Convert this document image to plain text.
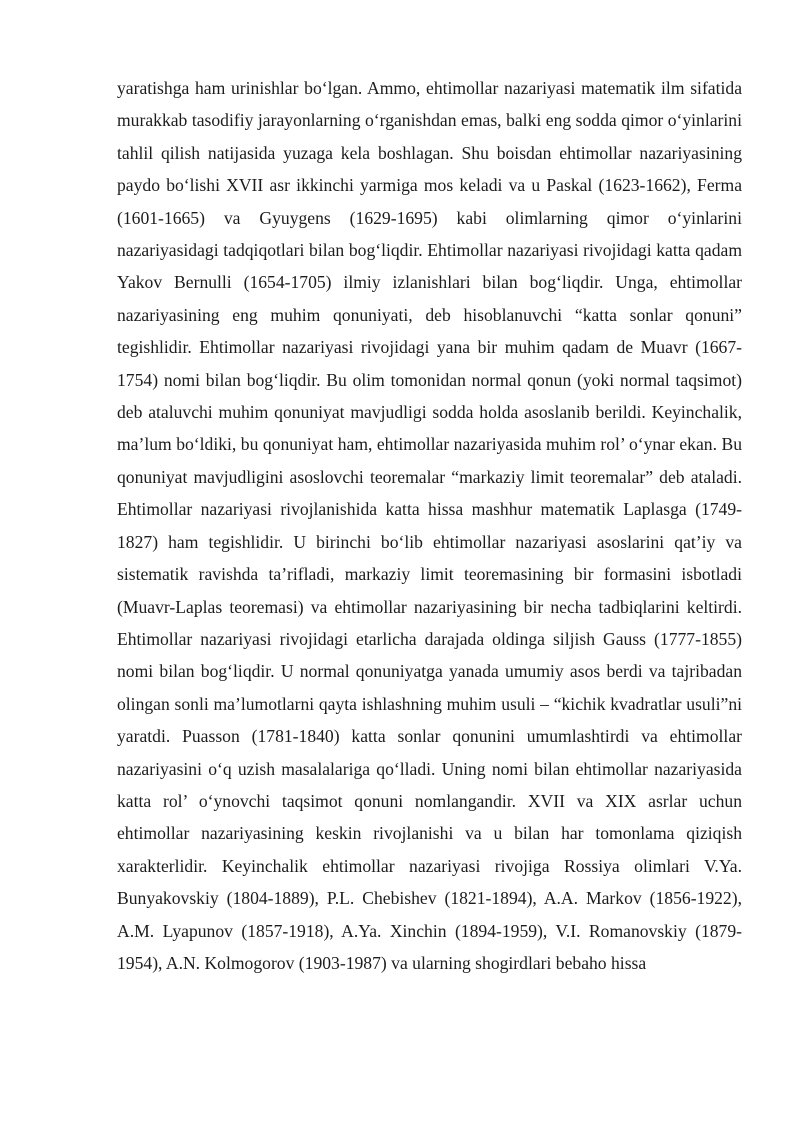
yaratishga ham urinishlar bo‘lgan. Ammo, ehtimollar nazariyasi matematik ilm sifatida murakkab tasodifiy jarayonlarning o‘rganishdan emas, balki eng sodda qimor o‘yinlarini tahlil qilish natijasida yuzaga kela boshlagan. Shu boisdan ehtimollar nazariyasining paydo bo‘lishi XVII asr ikkinchi yarmiga mos keladi va u Paskal (1623-1662), Ferma (1601-1665) va Gyuygens (1629-1695) kabi olimlarning qimor o‘yinlarini nazariyasidagi tadqiqotlari bilan bog‘liqdir. Ehtimollar nazariyasi rivojidagi katta qadam Yakov Bernulli (1654-1705) ilmiy izlanishlari bilan bog‘liqdir. Unga, ehtimollar nazariyasining eng muhim qonuniyati, deb hisoblanuvchi “katta sonlar qonuni” tegishlidir. Ehtimollar nazariyasi rivojidagi yana bir muhim qadam de Muavr (1667-1754) nomi bilan bog‘liqdir. Bu olim tomonidan normal qonun (yoki normal taqsimot) deb ataluvchi muhim qonuniyat mavjudligi sodda holda asoslanib berildi. Keyinchalik, ma’lum bo‘ldiki, bu qonuniyat ham, ehtimollar nazariyasida muhim rol’ o‘ynar ekan. Bu qonuniyat mavjudligini asoslovchi teoremalar “markaziy limit teoremalar” deb ataladi. Ehtimollar nazariyasi rivojlanishida katta hissa mashhur matematik Laplasga (1749-1827) ham tegishlidir. U birinchi bo‘lib ehtimollar nazariyasi asoslarini qat’iy va sistematik ravishda ta’rifladi, markaziy limit teoremasining bir formasini isbotladi (Muavr-Laplas teoremasi) va ehtimollar nazariyasining bir necha tadbiqlarini keltirdi. Ehtimollar nazariyasi rivojidagi etarlicha darajada oldinga siljish Gauss (1777-1855) nomi bilan bog‘liqdir. U normal qonuniyatga yanada umumiy asos berdi va tajribadan olingan sonli ma’lumotlarni qayta ishlashning muhim usuli – “kichik kvadratlar usuli”ni yaratdi. Puasson (1781-1840) katta sonlar qonunini umumlashtirdi va ehtimollar nazariyasini o‘q uzish masalalariga qo‘lladi. Uning nomi bilan ehtimollar nazariyasida katta rol’ o‘ynovchi taqsimot qonuni nomlangandir. XVII va XIX asrlar uchun ehtimollar nazariyasining keskin rivojlanishi va u bilan har tomonlama qiziqish xarakterlidir. Keyinchalik ehtimollar nazariyasi rivojiga Rossiya olimlari V.Ya. Bunyakovskiy (1804-1889), P.L. Chebishev (1821-1894), A.A. Markov (1856-1922), A.M. Lyapunov (1857-1918), A.Ya. Xinchin (1894-1959), V.I. Romanovskiy (1879-1954), A.N. Kolmogorov (1903-1987) va ularning shogirdlari bebaho hissa
